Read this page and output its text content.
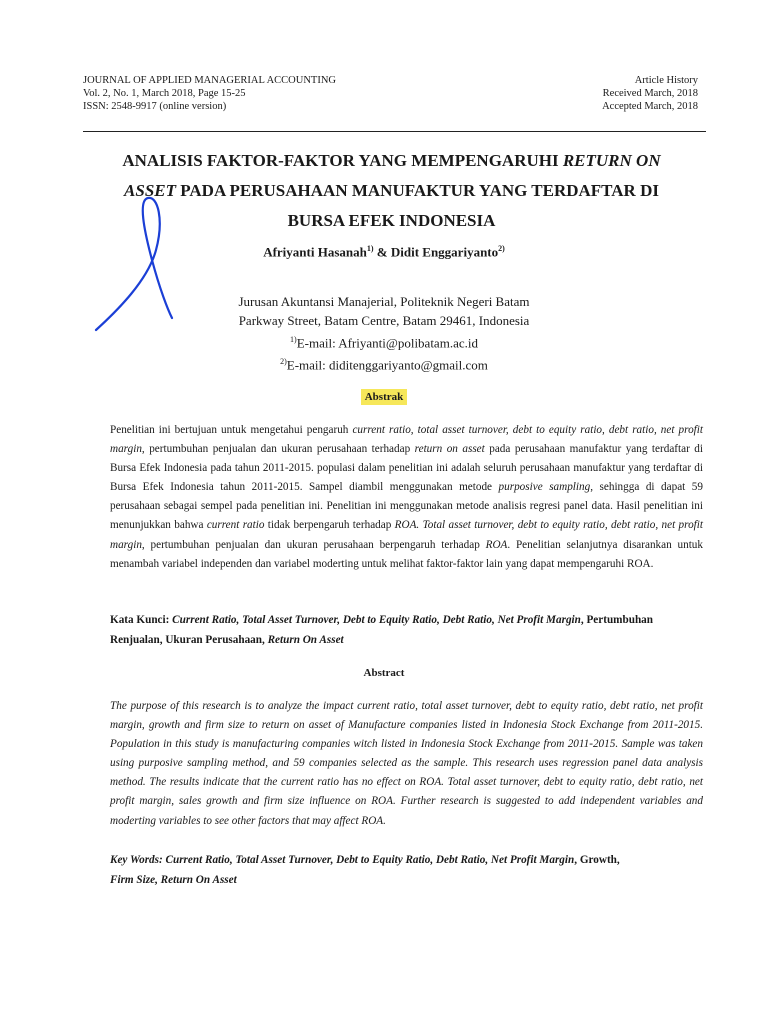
JOURNAL OF APPLIED MANAGERIAL ACCOUNTING
Vol. 2, No. 1, March 2018, Page 15-25
ISSN: 2548-9917 (online version)
Article History
Received March, 2018
Accepted March, 2018
ANALISIS FAKTOR-FAKTOR YANG MEMPENGARUHI RETURN ON
ASSET PADA PERUSAHAAN MANUFAKTUR YANG TERDAFTAR DI
BURSA EFEK INDONESIA
Afriyanti Hasanah$^{1)}$ & Didit Enggariyanto$^{2)}$
Jurusan Akuntansi Manajerial, Politeknik Negeri Batam
Parkway Street, Batam Centre, Batam 29461, Indonesia
$^{1)}$E-mail: Afriyanti@polibatam.ac.id
$^{2)}$E-mail: diditenggariyanto@gmail.com
Abstrak
Penelitian ini bertujuan untuk mengetahui pengaruh current ratio, total asset turnover, debt to equity ratio, debt ratio, net profit margin, pertumbuhan penjualan dan ukuran perusahaan terhadap return on asset pada perusahaan manufaktur yang terdaftar di Bursa Efek Indonesia pada tahun 2011-2015. populasi dalam penelitian ini adalah seluruh perusahaan manufaktur yang terdaftar di Bursa Efek Indonesia tahun 2011-2015. Sampel diambil menggunakan metode purposive sampling, sehingga di dapat 59 perusahaan sebagai sempel pada penelitian ini. Penelitian ini menggunakan metode analisis regresi panel data. Hasil penelitian ini menunjukkan bahwa current ratio tidak berpengaruh terhadap ROA. Total asset turnover, debt to equity ratio, debt ratio, net profit margin, pertumbuhan penjualan dan ukuran perusahaan berpengaruh terhadap ROA. Penelitian selanjutnya disarankan untuk menambah variabel independen dan variabel moderting untuk melihat faktor-faktor lain yang dapat mempengaruhi ROA.
Kata Kunci: Current Ratio, Total Asset Turnover, Debt to Equity Ratio, Debt Ratio, Net Profit Margin, Pertumbuhan Renjualan, Ukuran Perusahaan, Return On Asset
Abstract
The purpose of this research is to analyze the impact current ratio, total asset turnover, debt to equity ratio, debt ratio, net profit margin, growth and firm size to return on asset of Manufacture companies listed in Indonesia Stock Exchange from 2011-2015. Population in this study is manufacturing companies witch listed in Indonesia Stock Exchange from 2011-2015. Sample was taken using purposive sampling method, and 59 companies selected as the sample. This research uses regression panel data analysis method. The results indicate that the current ratio has no effect on ROA. Total asset turnover, debt to equity ratio, debt ratio, net profit margin, sales growth and firm size influence on ROA. Further research is suggested to add independent variables and moderting variables to see other factors that may affect ROA.
Key Words: Current Ratio, Total Asset Turnover, Debt to Equity Ratio, Debt Ratio, Net Profit Margin, Growth,
Firm Size, Return On Asset
